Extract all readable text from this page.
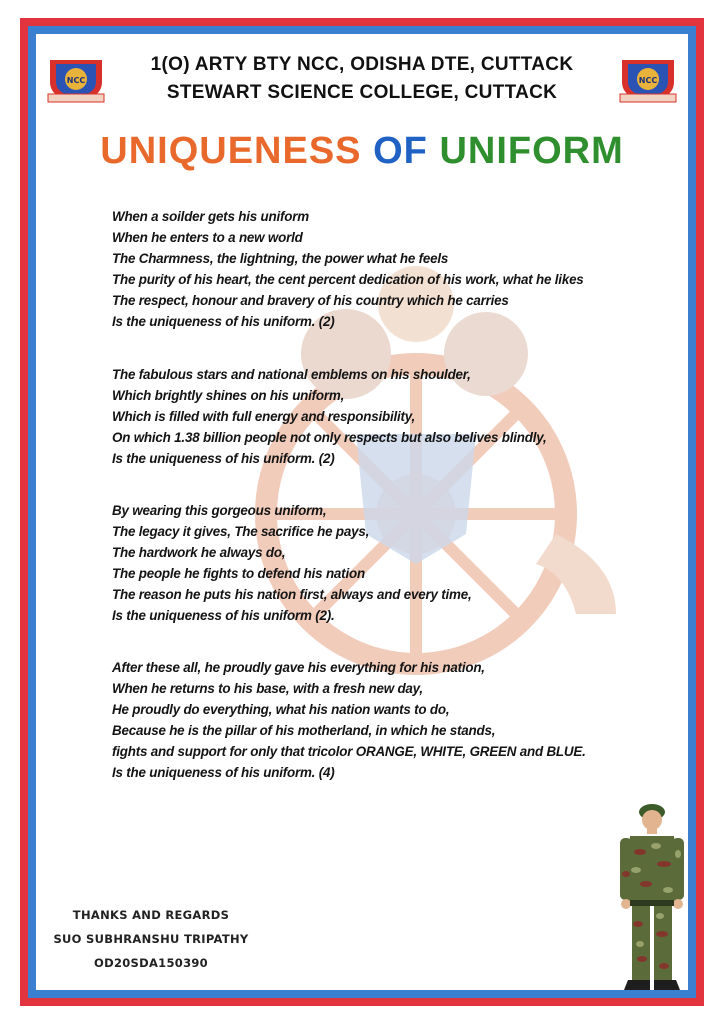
NCC	NCC
1(O) ARTY BTY NCC, ODISHA DTE, CUTTACK
STEWART SCIENCE COLLEGE, CUTTACK
UNIQUENESS OF UNIFORM
When a soilder gets his uniform
When he enters to a new world
The Charmness, the lightning, the power what he feels
The purity of his heart, the cent percent dedication of his work, what he likes
The respect, honour and bravery of his country which he carries
Is the uniqueness of his uniform. (2)
The fabulous stars and national emblems on his shoulder,
Which brightly shines on his uniform,
Which is filled with full energy and responsibility,
On which 1.38 billion people not only respects but also belives blindly,
Is the uniqueness of his uniform. (2)
By wearing this gorgeous uniform,
The legacy it gives, The sacrifice he pays,
The hardwork he always do,
The people he fights to defend his nation
The reason he puts his nation first, always and every time,
Is the uniqueness of his uniform (2).
After these all, he proudly gave his everything for his nation,
When he returns to his base, with a fresh new day,
He proudly do everything, what his nation wants to do,
Because he is the pillar of his motherland, in which he stands,
fights and support for only that tricolor ORANGE, WHITE, GREEN and BLUE.
Is the uniqueness of his uniform. (4)
THANKS AND REGARDS
SUO SUBHRANSHU TRIPATHY
OD20SDA150390
